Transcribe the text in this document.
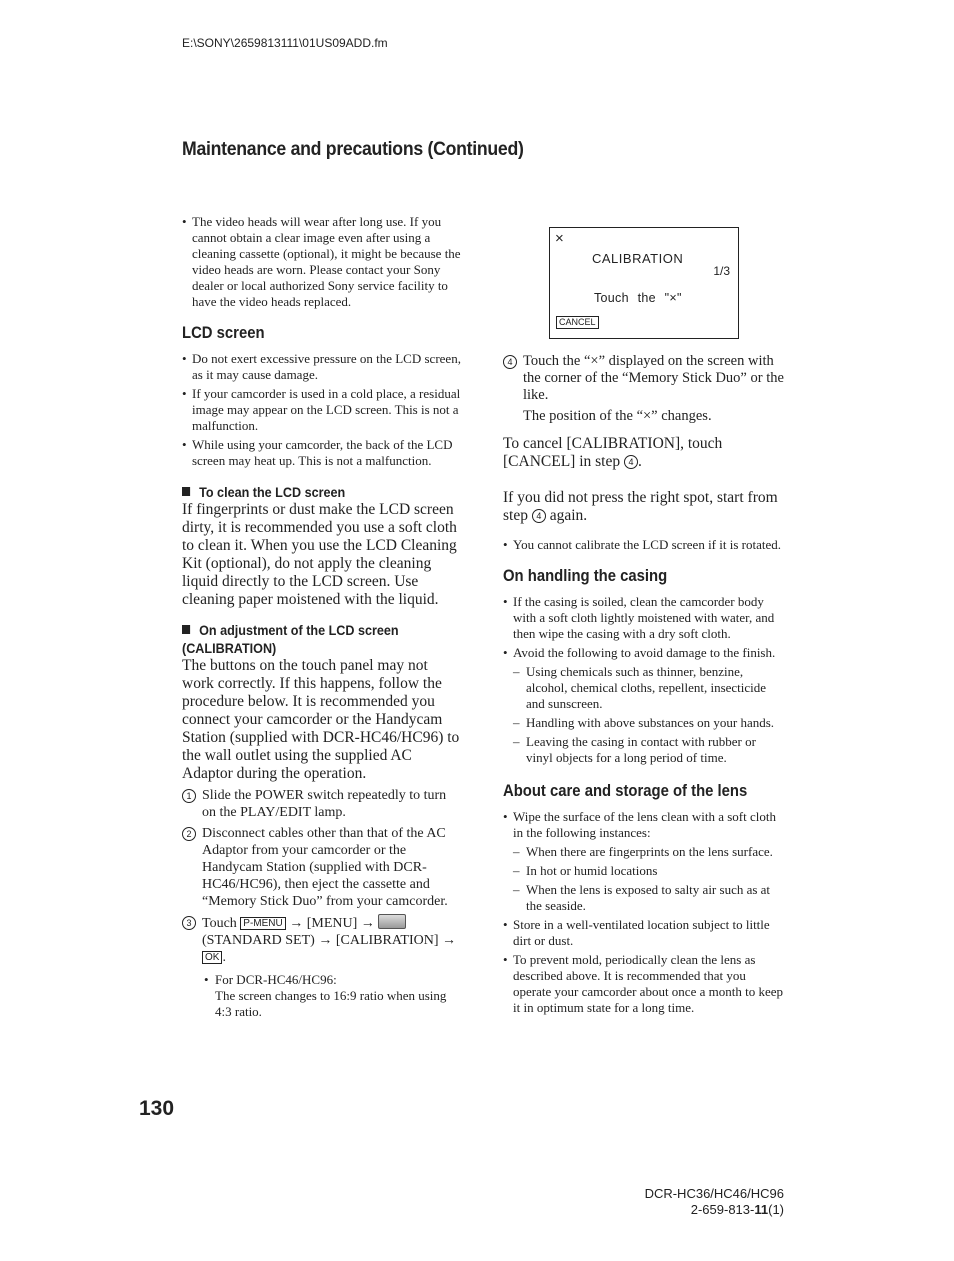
E:\SONY\2659813111\01US09ADD.fm
Maintenance and precautions (Continued)
• The video heads will wear after long use. If you cannot obtain a clear image even after using a cleaning cassette (optional), it might be because the video heads are worn. Please contact your Sony dealer or local authorized Sony service facility to have the video heads replaced.
LCD screen
• Do not exert excessive pressure on the LCD screen, as it may cause damage.
• If your camcorder is used in a cold place, a residual image may appear on the LCD screen. This is not a malfunction.
• While using your camcorder, the back of the LCD screen may heat up. This is not a malfunction.
To clean the LCD screen
If fingerprints or dust make the LCD screen dirty, it is recommended you use a soft cloth to clean it. When you use the LCD Cleaning Kit (optional), do not apply the cleaning liquid directly to the LCD screen. Use cleaning paper moistened with the liquid.
On adjustment of the LCD screen (CALIBRATION)
The buttons on the touch panel may not work correctly. If this happens, follow the procedure below. It is recommended you connect your camcorder or the Handycam Station (supplied with DCR-HC46/HC96) to the wall outlet using the supplied AC Adaptor during the operation.
1 Slide the POWER switch repeatedly to turn on the PLAY/EDIT lamp.
2 Disconnect cables other than that of the AC Adaptor from your camcorder or the Handycam Station (supplied with DCR-HC46/HC96), then eject the cassette and “Memory Stick Duo” from your camcorder.
3 Touch P-MENU → [MENU] →  (STANDARD SET) → [CALIBRATION] → OK .
• For DCR-HC46/HC96:
The screen changes to 16:9 ratio when using 4:3 ratio.
×
CALIBRATION
1/3
Touch the "×"
CANCEL
4 Touch the “×” displayed on the screen with the corner of the “Memory Stick Duo” or the like.
The position of the “×” changes.
To cancel [CALIBRATION], touch [CANCEL] in step 4 .
If you did not press the right spot, start from step 4 again.
• You cannot calibrate the LCD screen if it is rotated.
On handling the casing
• If the casing is soiled, clean the camcorder body with a soft cloth lightly moistened with water, and then wipe the casing with a dry soft cloth.
• Avoid the following to avoid damage to the finish.
– Using chemicals such as thinner, benzine, alcohol, chemical cloths, repellent, insecticide and sunscreen.
– Handling with above substances on your hands.
– Leaving the casing in contact with rubber or vinyl objects for a long period of time.
About care and storage of the lens
• Wipe the surface of the lens clean with a soft cloth in the following instances:
– When there are fingerprints on the lens surface.
– In hot or humid locations
– When the lens is exposed to salty air such as at the seaside.
• Store in a well-ventilated location subject to little dirt or dust.
• To prevent mold, periodically clean the lens as described above. It is recommended that you operate your camcorder about once a month to keep it in optimum state for a long time.
130
DCR-HC36/HC46/HC96
2-659-813-11(1)
